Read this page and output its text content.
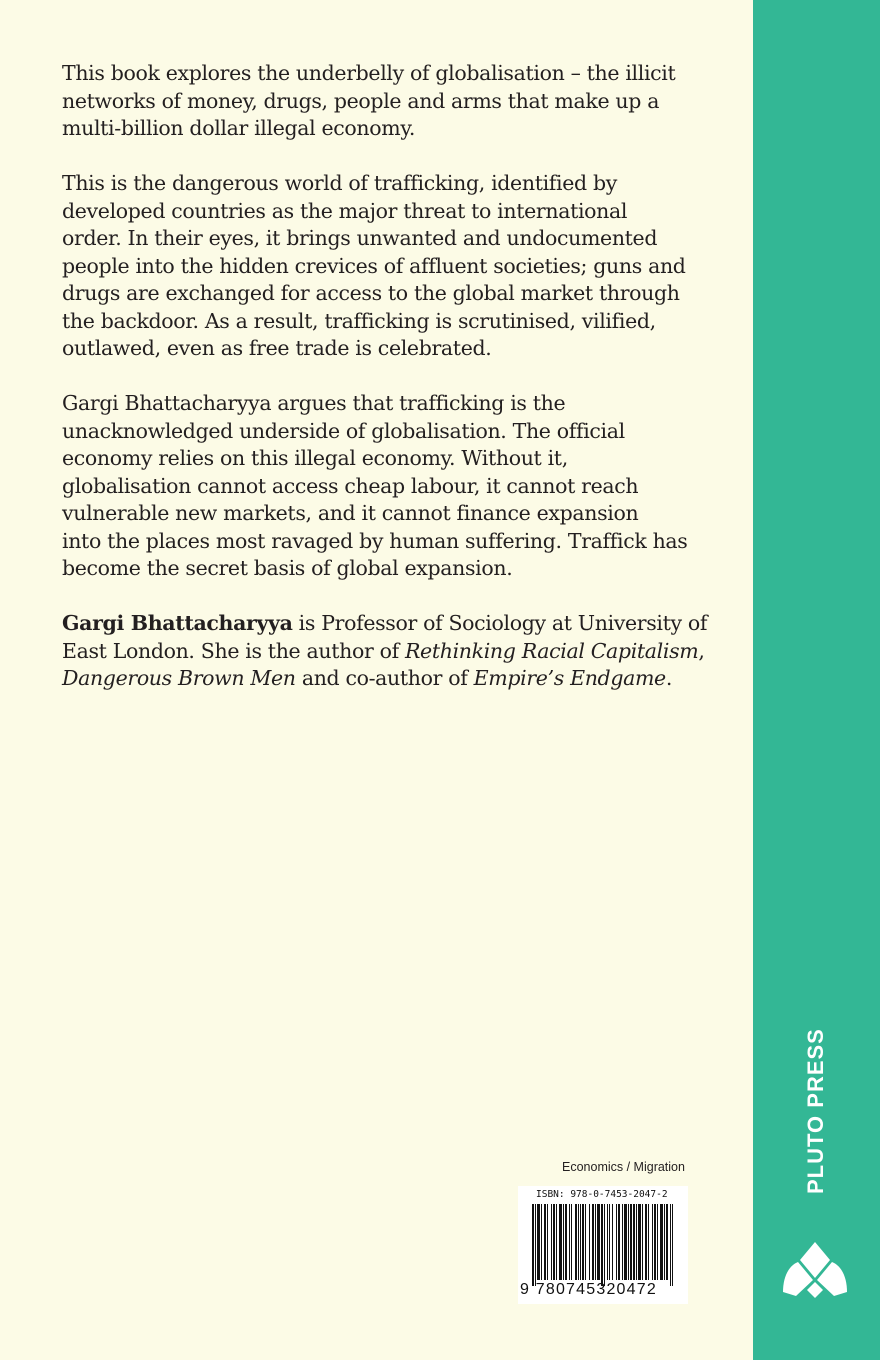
This book explores the underbelly of globalisation – the illicit
networks of money, drugs, people and arms that make up a
multi-billion dollar illegal economy.

This is the dangerous world of trafficking, identified by
developed countries as the major threat to international
order. In their eyes, it brings unwanted and undocumented
people into the hidden crevices of affluent societies; guns and
drugs are exchanged for access to the global market through
the backdoor. As a result, trafficking is scrutinised, vilified,
outlawed, even as free trade is celebrated.

Gargi Bhattacharyya argues that trafficking is the
unacknowledged underside of globalisation. The official
economy relies on this illegal economy. Without it,
globalisation cannot access cheap labour, it cannot reach
vulnerable new markets, and it cannot finance expansion
into the places most ravaged by human suffering. Traffick has
become the secret basis of global expansion.

Gargi Bhattacharyya is Professor of Sociology at University of
East London. She is the author of Rethinking Racial Capitalism,
Dangerous Brown Men and co-author of Empire’s Endgame.

Economics / Migration
ISBN: 978-0-7453-2047-2
9 780745320472
PLUTO PRESS
